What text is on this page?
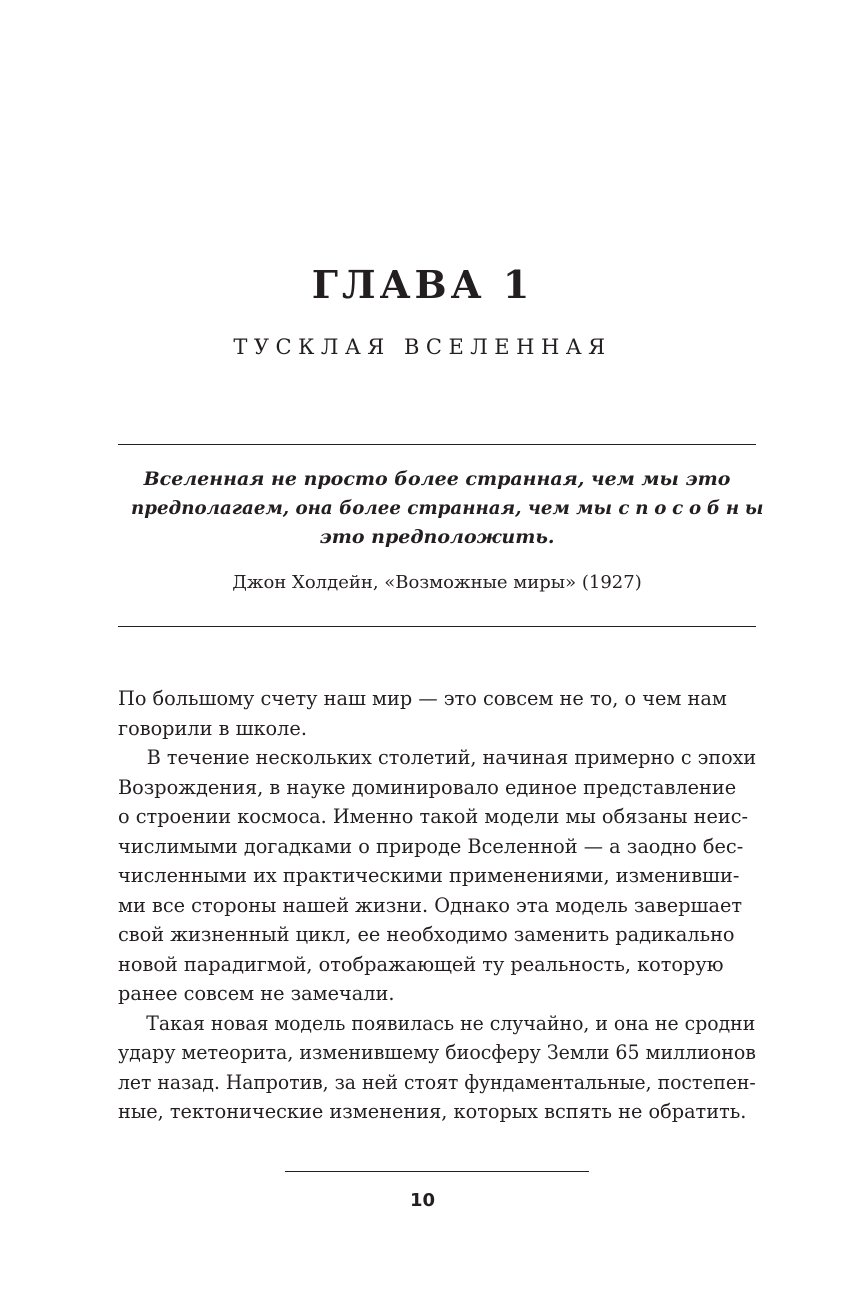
ГЛАВА 1
ТУСКЛАЯ ВСЕЛЕННАЯ

Вселенная не просто более странная, чем мы это
предполагаем, она более странная, чем мы способны
это предположить.

Джон Холдейн, «Возможные миры» (1927)

По большому счету наш мир — это совсем не то, о чем нам
говорили в школе.

В течение нескольких столетий, начиная примерно с эпохи
Возрождения, в науке доминировало единое представление
о строении космоса. Именно такой модели мы обязаны неис-
числимыми догадками о природе Вселенной — а заодно бес-
численными их практическими применениями, изменивши-
ми все стороны нашей жизни. Однако эта модель завершает
свой жизненный цикл, ее необходимо заменить радикально
новой парадигмой, отображающей ту реальность, которую
ранее совсем не замечали.

Такая новая модель появилась не случайно, и она не сродни
удару метеорита, изменившему биосферу Земли 65 миллионов
лет назад. Напротив, за ней стоят фундаментальные, постепен-
ные, тектонические изменения, которых вспять не обратить.

10
